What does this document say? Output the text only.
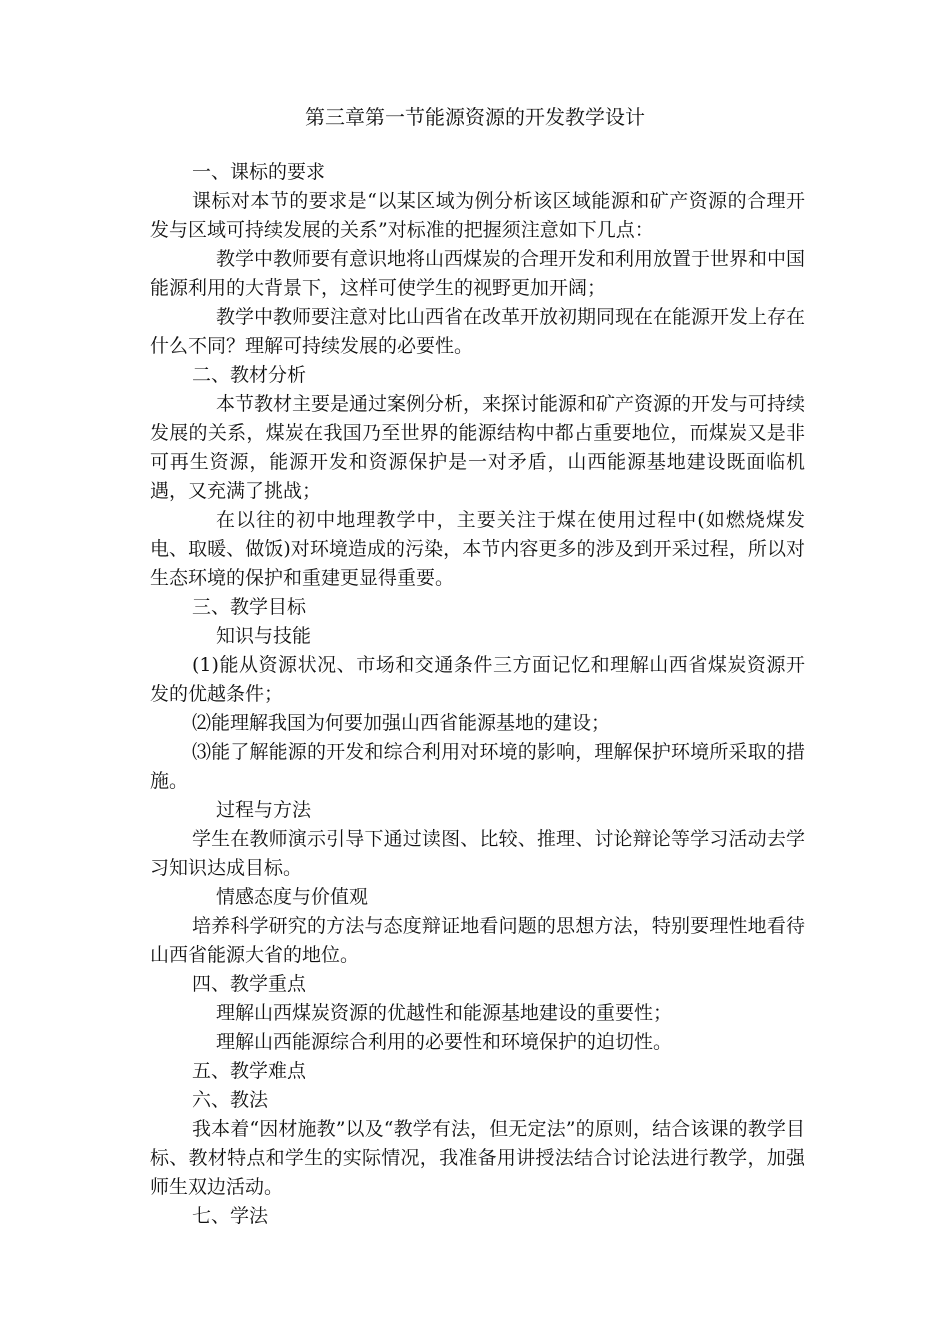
第三章第一节能源资源的开发教学设计

一、课标的要求

课标对本节的要求是“以某区域为例分析该区域能源和矿产资源的合理开发与区域可持续发展的关系”对标准的把握须注意如下几点：

教学中教师要有意识地将山西煤炭的合理开发和利用放置于世界和中国能源利用的大背景下，这样可使学生的视野更加开阔；

教学中教师要注意对比山西省在改革开放初期同现在在能源开发上存在什么不同？理解可持续发展的必要性。

二、教材分析

本节教材主要是通过案例分析，来探讨能源和矿产资源的开发与可持续发展的关系，煤炭在我国乃至世界的能源结构中都占重要地位，而煤炭又是非可再生资源，能源开发和资源保护是一对矛盾，山西能源基地建设既面临机遇，又充满了挑战；

在以往的初中地理教学中，主要关注于煤在使用过程中(如燃烧煤发电、取暖、做饭)对环境造成的污染，本节内容更多的涉及到开采过程，所以对生态环境的保护和重建更显得重要。

三、教学目标

知识与技能

(1)能从资源状况、市场和交通条件三方面记忆和理解山西省煤炭资源开发的优越条件；

⑵能理解我国为何要加强山西省能源基地的建设；

⑶能了解能源的开发和综合利用对环境的影响，理解保护环境所采取的措施。

过程与方法

学生在教师演示引导下通过读图、比较、推理、讨论辩论等学习活动去学习知识达成目标。

情感态度与价值观

培养科学研究的方法与态度辩证地看问题的思想方法，特别要理性地看待山西省能源大省的地位。

四、教学重点

理解山西煤炭资源的优越性和能源基地建设的重要性；

理解山西能源综合利用的必要性和环境保护的迫切性。

五、教学难点

六、教法

我本着“因材施教”以及“教学有法，但无定法”的原则，结合该课的教学目标、教材特点和学生的实际情况，我准备用讲授法结合讨论法进行教学，加强师生双边活动。

七、学法
